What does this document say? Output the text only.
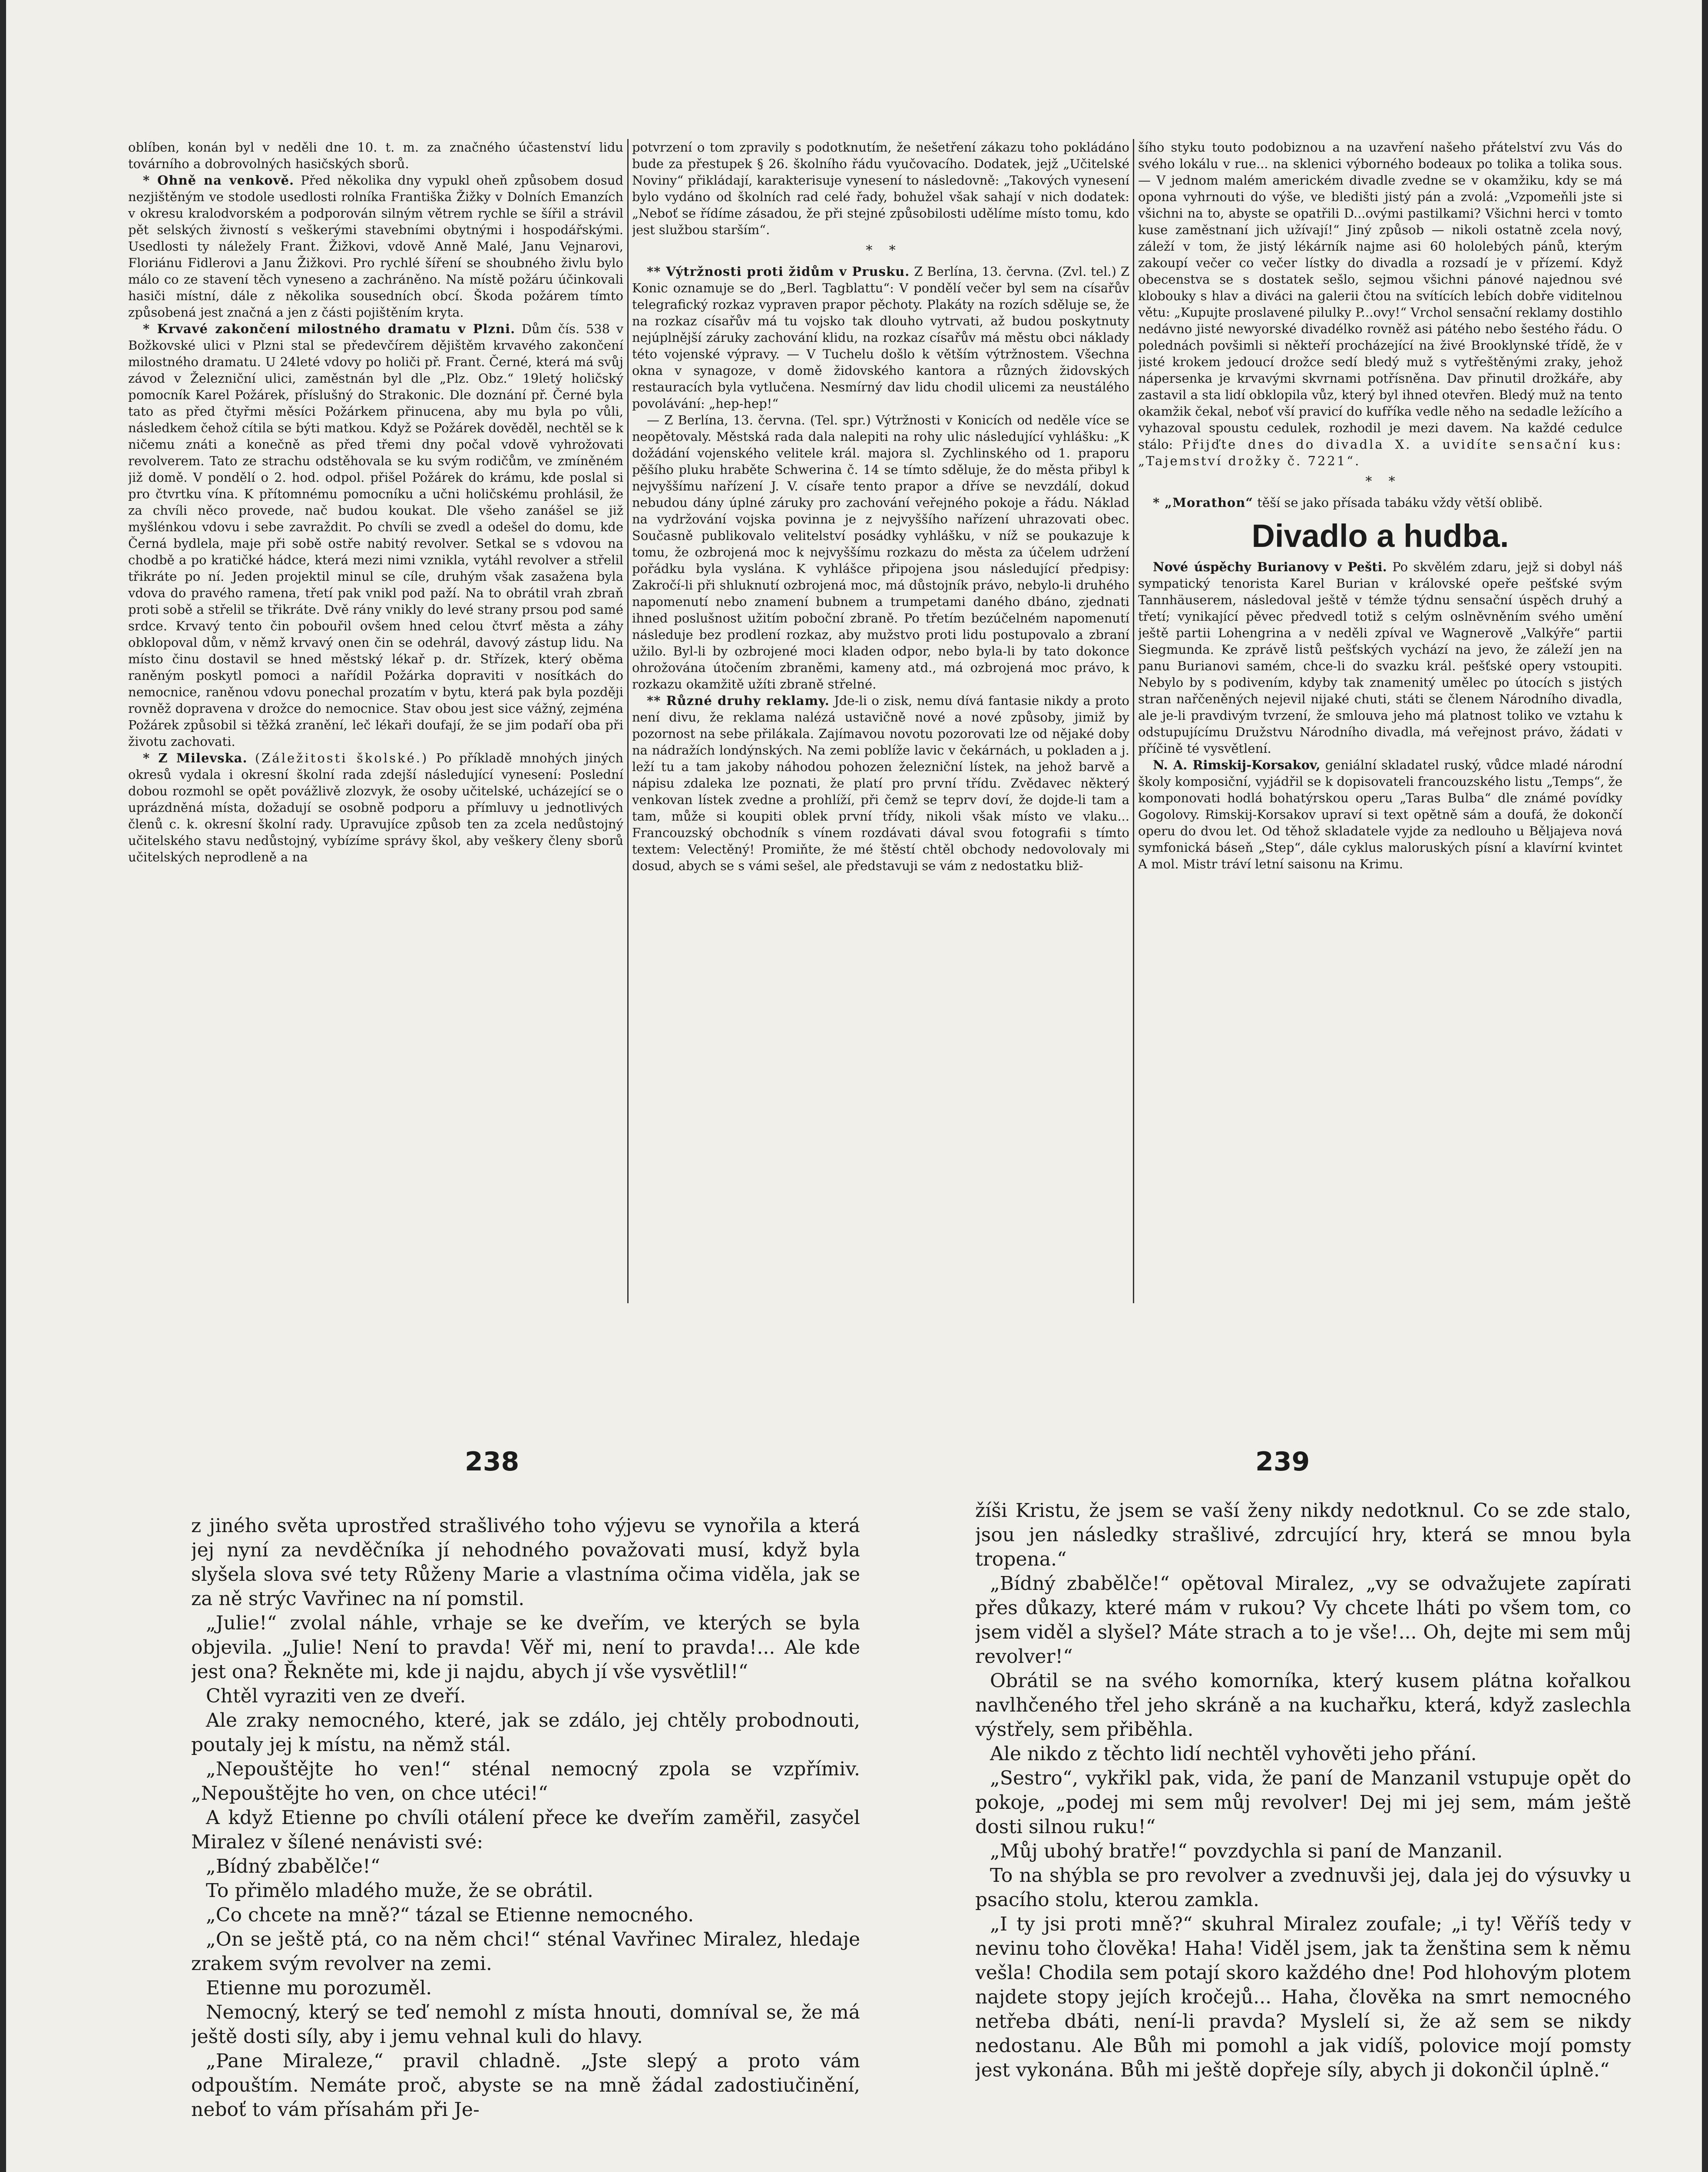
oblíben, konán byl v neděli dne 10. t. m. za značného účastenství lidu továrního a dobrovolných hasičských sborů.

* Ohně na venkově. Před několika dny vypukl oheň způsobem dosud nezjištěným ve stodole usedlosti rolníka Františka Žižky v Dolních Emanzích v okresu kralodvorském a podporován silným větrem rychle se šířil a strávil pět selských živností s veškerými stavebními obytnými i hospodářskými. Usedlosti ty náležely Frant. Žižkovi, vdově Anně Malé, Janu Vejnarovi, Floriánu Fidlerovi a Janu Žižkovi. Pro rychlé šíření se shoubného živlu bylo málo co ze stavení těch vyneseno a zachráněno. Na místě požáru účinkovali hasiči místní, dále z několika sousedních obcí. Škoda požárem tímto způsobená jest značná a jen z části pojištěním kryta.

* Krvavé zakončení milostného dramatu v Plzni. Dům čís. 538 v Božkovské ulici v Plzni stal se předevčírem dějištěm krvavého zakončení milostného dramatu. U 24leté vdovy po holiči př. Frant. Černé, která má svůj závod v Železniční ulici, zaměstnán byl dle „Plz. Obz.“ 19letý holičský pomocník Karel Požárek, příslušný do Strakonic. Dle doznání př. Černé byla tato as před čtyřmi měsíci Požárkem přinucena, aby mu byla po vůli, následkem čehož cítila se býti matkou. Když se Požárek dověděl, nechtěl se k ničemu znáti a konečně as před třemi dny počal vdově vyhrožovati revolverem. Tato ze strachu odstěhovala se ku svým rodičům, ve zmíněném již domě. V pondělí o 2. hod. odpol. přišel Požárek do krámu, kde poslal si pro čtvrtku vína. K přítomnému pomocníku a učni holičskému prohlásil, že za chvíli něco provede, nač budou koukat. Dle všeho zanášel se již myšlénkou vdovu i sebe zavraždit. Po chvíli se zvedl a odešel do domu, kde Černá bydlela, maje při sobě ostře nabitý revolver. Setkal se s vdovou na chodbě a po kratičké hádce, která mezi nimi vznikla, vytáhl revolver a střelil třikráte po ní. Jeden projektil minul se cíle, druhým však zasažena byla vdova do pravého ramena, třetí pak vnikl pod paží. Na to obrátil vrah zbraň proti sobě a střelil se třikráte. Dvě rány vnikly do levé strany prsou pod samé srdce. Krvavý tento čin pobouřil ovšem hned celou čtvrť města a záhy obklopoval dům, v němž krvavý onen čin se odehrál, davový zástup lidu. Na místo činu dostavil se hned městský lékař p. dr. Střízek, který oběma raněným poskytl pomoci a nařídil Požárka dopraviti v nosítkách do nemocnice, raněnou vdovu ponechal prozatím v bytu, která pak byla později rovněž dopravena v drožce do nemocnice. Stav obou jest sice vážný, zejména Požárek způsobil si těžká zranění, leč lékaři doufají, že se jim podaří oba při životu zachovati.

* Z Milevska. (Záležitosti školské.) Po příkladě mnohých jiných okresů vydala i okresní školní rada zdejší následující vynesení: Poslední dobou rozmohl se opět povážlivě zlozvyk, že osoby učitelské, ucházející se o uprázdněná místa, dožadují se osobně podporu a přímluvy u jednotlivých členů c. k. okresní školní rady. Upravujíce způsob ten za zcela nedůstojný učitelského stavu nedůstojný, vybízíme správy škol, aby veškery členy sborů učitelských neprodleně a na

potvrzení o tom zpravily s podotknutím, že nešetření zákazu toho pokládáno bude za přestupek § 26. školního řádu vyučovacího. Dodatek, jejž „Učitelské Noviny“ přikládají, karakterisuje vynesení to následovně: „Takových vynesení bylo vydáno od školních rad celé řady, bohužel však sahají v nich dodatek: „Neboť se řídíme zásadou, že při stejné způsobilosti udělíme místo tomu, kdo jest službou starším“.

*    *

** Výtržnosti proti židům v Prusku. Z Berlína, 13. června. (Zvl. tel.) Z Konic oznamuje se do „Berl. Tagblattu“: V pondělí večer byl sem na císařův telegrafický rozkaz vypraven prapor pěchoty. Plakáty na rozích sděluje se, že na rozkaz císařův má tu vojsko tak dlouho vytrvati, až budou poskytnuty nejúplnější záruky zachování klidu, na rozkaz císařův má městu obci náklady této vojenské výpravy. — V Tuchelu došlo k větším výtržnostem. Všechna okna v synagoze, v domě židovského kantora a různých židovských restauracích byla vytlučena. Nesmírný dav lidu chodil ulicemi za neustálého povolávání: „hep-hep!“

— Z Berlína, 13. června. (Tel. spr.) Výtržnosti v Konicích od neděle více se neopětovaly. Městská rada dala nalepiti na rohy ulic následující vyhlášku: „K dožádání vojenského velitele král. majora sl. Zychlinského od 1. praporu pěšího pluku hraběte Schwerina č. 14 se tímto sděluje, že do města přibyl k nejvyššímu nařízení J. V. císaře tento prapor a dříve se nevzdálí, dokud nebudou dány úplné záruky pro zachování veřejného pokoje a řádu. Náklad na vydržování vojska povinna je z nejvyššího nařízení uhrazovati obec. Současně publikovalo velitelství posádky vyhlášku, v níž se poukazuje k tomu, že ozbrojená moc k nejvyššímu rozkazu do města za účelem udržení pořádku byla vyslána. K vyhlášce připojena jsou následující předpisy: Zakročí-li při shluknutí ozbrojená moc, má důstojník právo, nebylo-li druhého napomenutí nebo znamení bubnem a trumpetami daného dbáno, zjednati ihned poslušnost užitím poboční zbraně. Po třetím bezúčelném napomenutí následuje bez prodlení rozkaz, aby mužstvo proti lidu postupovalo a zbraní užilo. Byl-li by ozbrojené moci kladen odpor, nebo byla-li by tato dokonce ohrožována útočením zbraněmi, kameny atd., má ozbrojená moc právo, k rozkazu okamžitě užíti zbraně střelné.

** Různé druhy reklamy. Jde-li o zisk, nemu dívá fantasie nikdy a proto není divu, že reklama nalézá ustavičně nové a nové způsoby, jimiž by pozornost na sebe přilákala. Zajímavou novotu pozorovati lze od nějaké doby na nádražích londýnských. Na zemi poblíže lavic v čekárnách, u pokladen a j. leží tu a tam jakoby náhodou pohozen železniční lístek, na jehož barvě a nápisu zdaleka lze poznati, že platí pro první třídu. Zvědavec některý venkovan lístek zvedne a prohlíží, při čemž se teprv doví, že dojde-li tam a tam, může si koupiti oblek první třídy, nikoli však místo ve vlaku... Francouzský obchodník s vínem rozdávati dával svou fotografii s tímto textem: Velectěný! Promiňte, že mé štěstí chtěl obchody nedovolovaly mi dosud, abych se s vámi sešel, ale představuji se vám z nedostatku bliž-

šího styku touto podobiznou a na uzavření našeho přátelství zvu Vás do svého lokálu v rue... na sklenici výborného bodeaux po tolika a tolika sous. — V jednom malém americkém divadle zvedne se v okamžiku, kdy se má opona vyhrnouti do výše, ve bledišti jistý pán a zvolá: „Vzpomeňli jste si všichni na to, abyste se opatřili D...ovými pastilkami? Všichni herci v tomto kuse zaměstnaní jich užívají!“ Jiný způsob — nikoli ostatně zcela nový, záleží v tom, že jistý lékárník najme asi 60 hololebých pánů, kterým zakoupí večer co večer lístky do divadla a rozsadí je v přízemí. Když obecenstva se s dostatek sešlo, sejmou všichni pánové najednou své klobouky s hlav a diváci na galerii čtou na svítících lebích dobře viditelnou větu: „Kupujte proslavené pilulky P...ovy!“ Vrchol sensační reklamy dostihlo nedávno jisté newyorské divadélko rovněž asi pátého nebo šestého řádu. O polednách povšimli si někteří procházející na živé Brooklynské třídě, že v jisté krokem jedoucí drožce sedí bledý muž s vytřeštěnými zraky, jehož nápersenka je krvavými skvrnami potřísněna. Dav přinutil drožkáře, aby zastavil a sta lidí obklopila vůz, který byl ihned otevřen. Bledý muž na tento okamžik čekal, neboť vší pravicí do kufříka vedle něho na sedadle ležícího a vyhazoval spoustu cedulek, rozhodil je mezi davem. Na každé cedulce stálo: Přijďte dnes do divadla X. a uvidíte sensační kus: „Tajemství drožky č. 7221“.

*    *

* „Morathon“ těší se jako přísada tabáku vždy větší oblibě.

Divadlo a hudba.

Nové úspěchy Burianovy v Pešti. Po skvělém zdaru, jejž si dobyl náš sympatický tenorista Karel Burian v královské opeře pešťské svým Tannhäuserem, následoval ještě v témže týdnu sensační úspěch druhý a třetí; vynikající pěvec předvedl totiž s celým oslněvněním svého umění ještě partii Lohengrina a v neděli zpíval ve Wagnerově „Valkýře“ partii Siegmunda. Ke zprávě listů pešťských vychází na jevo, že záleží jen na panu Burianovi samém, chce-li do svazku král. pešťské opery vstoupiti. Nebylo by s podivením, kdyby tak znamenitý umělec po útocích s jistých stran nařčeněných nejevil nijaké chuti, státi se členem Národního divadla, ale je-li pravdivým tvrzení, že smlouva jeho má platnost toliko ve vztahu k odstupujícímu Družstvu Národního divadla, má veřejnost právo, žádati v příčině té vysvětlení.

N. A. Rimskij-Korsakov, geniální skladatel ruský, vůdce mladé národní školy komposiční, vyjádřil se k dopisovateli francouzského listu „Temps“, že komponovati hodlá bohatýrskou operu „Taras Bulba“ dle známé povídky Gogolovy. Rimskij-Korsakov upraví si text opětně sám a doufá, že dokončí operu do dvou let. Od těhož skladatele vyjde za nedlouho u Běljajeva nová symfonická báseň „Step“, dále cyklus maloruských písní a klavírní kvintet A mol. Mistr tráví letní saisonu na Krimu.

238	239

z jiného světa uprostřed strašlivého toho výjevu se vynořila a která jej nyní za nevděčníka jí nehodného považovati musí, když byla slyšela slova své tety Růženy Marie a vlastníma očima viděla, jak se za ně strýc Vavřinec na ní pomstil.

„Julie!“ zvolal náhle, vrhaje se ke dveřím, ve kterých se byla objevila. „Julie! Není to pravda! Věř mi, není to pravda!... Ale kde jest ona? Řekněte mi, kde ji najdu, abych jí vše vysvětlil!“

Chtěl vyraziti ven ze dveří.

Ale zraky nemocného, které, jak se zdálo, jej chtěly probodnouti, poutaly jej k místu, na němž stál.

„Nepouštějte ho ven!“ sténal nemocný zpola se vzpřímiv. „Nepouštějte ho ven, on chce utéci!“

A když Etienne po chvíli otálení přece ke dveřím zaměřil, zasyčel Miralez v šílené nenávisti své:

„Bídný zbabělče!“

To přimělo mladého muže, že se obrátil.

„Co chcete na mně?“ tázal se Etienne nemocného.

„On se ještě ptá, co na něm chci!“ sténal Vavřinec Miralez, hledaje zrakem svým revolver na zemi.

Etienne mu porozuměl.

Nemocný, který se teď nemohl z místa hnouti, domníval se, že má ještě dosti síly, aby i jemu vehnal kuli do hlavy.

„Pane Miraleze,“ pravil chladně. „Jste slepý a proto vám odpouštím. Nemáte proč, abyste se na mně žádal zadostiučinění, neboť to vám přísahám při Je-

žíši Kristu, že jsem se vaší ženy nikdy nedotknul. Co se zde stalo, jsou jen následky strašlivé, zdrcující hry, která se mnou byla tropena.“

„Bídný zbabělče!“ opětoval Miralez, „vy se odvažujete zapírati přes důkazy, které mám v rukou? Vy chcete lháti po všem tom, co jsem viděl a slyšel? Máte strach a to je vše!... Oh, dejte mi sem můj revolver!“

Obrátil se na svého komorníka, který kusem plátna kořalkou navlhčeného třel jeho skráně a na kuchařku, která, když zaslechla výstřely, sem přiběhla.

Ale nikdo z těchto lidí nechtěl vyhověti jeho přání.

„Sestro“, vykřikl pak, vida, že paní de Manzanil vstupuje opět do pokoje, „podej mi sem můj revolver! Dej mi jej sem, mám ještě dosti silnou ruku!“

„Můj ubohý bratře!“ povzdychla si paní de Manzanil.

To na shýbla se pro revolver a zvednuvši jej, dala jej do výsuvky u psacího stolu, kterou zamkla.

„I ty jsi proti mně?“ skuhral Miralez zoufale; „i ty! Věříš tedy v nevinu toho člověka! Haha! Viděl jsem, jak ta ženština sem k němu vešla! Chodila sem potají skoro každého dne! Pod hlohovým plotem najdete stopy jejích kročejů... Haha, člověka na smrt nemocného netřeba dbáti, není-li pravda? Myslelí si, že až sem se nikdy nedostanu. Ale Bůh mi pomohl a jak vidíš, polovice mojí pomsty jest vykonána. Bůh mi ještě dopřeje síly, abych ji dokončil úplně.“
